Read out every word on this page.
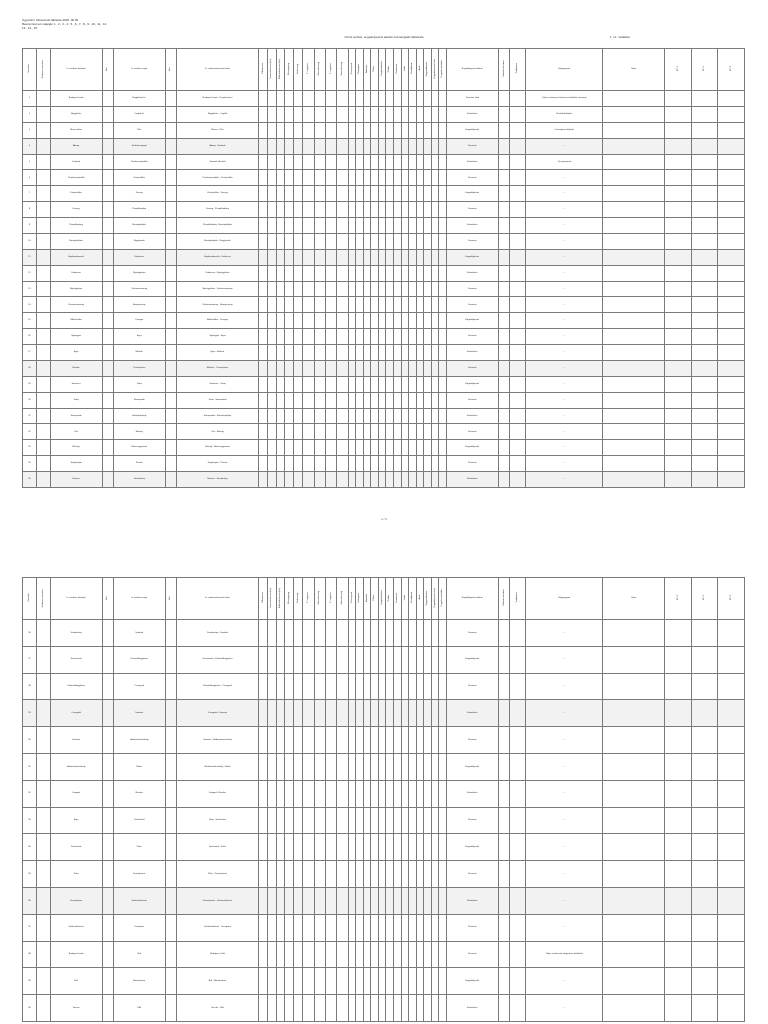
Ügyszám: Módosított táblázat 2025. 06.09.
Beszerzési terv alapján 1., 2., 3., 4., 5., 6., 7., 8., 9., 10., 11., 12.
13., 14., 15.
Közút területi, engedélyezési adatok összefoglaló táblázata	1. sz. melléklet
Sorszám	Szakasz sorszáma	Ív. szakasz kezdete	Kat.	Ív. szakasz vége	Kat.	Ív. szakasz/tervezett elem	Elhelyezés	Tervezett hossz (km)	Elkészült hossz (km)	Részegység	Szélesség	2. forgalom	Sávszélesség	3. forgalom	Sávszélesség	Csomópont	Kategória	Burkolat	Pálya	Tengelyterhelés	Padka	Szerkezet	Járda	Kerékpárút	Árok	Nagyrobbanás	Engedélyezési fázis	Forgalomtechnika	Engedélyezési dátum	Kivitelezési ütem	Tulajdonos	Megjegyzés	Ütem	MT-1	MT-2	MT-3
1		Budapest határ		Nagykőrös kt.		Budapest határ - Dunaharaszti																							Tervezés alatt			Teljes szakaszon kétsávos kialakítás tervezett				
2		Nagykőrös		Cegléd kt.		Nagykőrös - Cegléd																							Kivitelezés			Burkolatfelújítás				
3		Monor kelet		Pilis		Monor - Pilis																							Engedélyezés			Csomópont átépítés				
4		Abony		Szolnok nyugat		Abony - Szolnok																							Tervezés			—				
5		Szolnok		Törökszentmiklós		Szolnok elkerülő																							Kivitelezés			Új nyomvonal				
6		Törökszentmiklós		Kisújszállás		Törökszentmiklós - Kisújszállás																							Tervezés			—				
7		Kisújszállás		Karcag		Kisújszállás - Karcag																							Engedélyezés			—				
8		Karcag		Püspökladány		Karcag - Püspökladány																							Tervezés			—				
9		Püspökladány		Berettyóújfalu		Püspökladány - Berettyóújfalu																							Kivitelezés			—				
10		Berettyóújfalu		Nagykereki		Berettyóújfalu - Nagykereki																							Tervezés			—				
11		Hajdúszoboszló		Debrecen		Hajdúszoboszló - Debrecen																							Engedélyezés			—				
12		Debrecen		Nyíregyháza		Debrecen - Nyíregyháza																							Kivitelezés			—				
13		Nyíregyháza		Vásárosnamény		Nyíregyháza - Vásárosnamény																							Tervezés			—				
14		Vásárosnamény		Beregsurány		Vásárosnamény - Beregsurány																							Tervezés			—				
15		Mátészalka		Csenger		Mátészalka - Csenger																							Engedélyezés			—				
16		Gyöngyös		Eger		Gyöngyös - Eger																							Tervezés			—				
17		Eger		Miskolc		Eger - Miskolc																							Kivitelezés			—				
18		Miskolc		Tiszaújváros		Miskolc - Tiszaújváros																							Tervezés			—				
19		Szerencs		Tokaj		Szerencs - Tokaj																							Engedélyezés			—				
20		Tokaj		Sárospatak		Tokaj - Sárospatak																							Tervezés			—				
21		Sárospatak		Sátoraljaújhely		Sárospatak - Sátoraljaújhely																							Kivitelezés			—				
22		Vác		Rétság		Vác - Rétság																							Tervezés			—				
23		Rétság		Balassagyarmat		Rétság - Balassagyarmat																							Engedélyezés			—				
24		Salgótarján		Pásztó		Salgótarján - Pásztó																							Tervezés			—				
25		Hatvan		Jászberény		Hatvan - Jászberény																							Kivitelezés			—				
1 / 2
Sorszám	Szakasz sorszáma	Ív. szakasz kezdete	Kat.	Ív. szakasz vége	Kat.	Ív. szakasz/tervezett elem	Elhelyezés	Tervezett hossz (km)	Elkészült hossz (km)	Részegység	Szélesség	2. forgalom	Sávszélesség	3. forgalom	Sávszélesség	Csomópont	Kategória	Burkolat	Pálya	Tengelyterhelés	Padka	Szerkezet	Járda	Kerékpárút	Árok	Nagyrobbanás	Engedélyezési fázis	Forgalomtechnika	Engedélyezési dátum	Kivitelezési ütem	Tulajdonos	Megjegyzés	Ütem	MT-1	MT-2	MT-3
26		Jászberény		Szolnok		Jászberény - Szolnok																							Tervezés			—				
27		Kecskemét		Kiskunfélegyháza		Kecskemét - Kiskunfélegyháza																							Engedélyezés			—				
28		Kiskunfélegyháza		Csongrád		Kiskunfélegyháza - Csongrád																							Tervezés			—				
29		Csongrád		Szentes		Csongrád - Szentes																							Kivitelezés			—				
30		Szentes		Hódmezővásárhely		Szentes - Hódmezővásárhely																							Tervezés			—				
31		Hódmezővásárhely		Makó		Hódmezővásárhely - Makó																							Engedélyezés			—				
32		Szeged		Röszke		Szeged - Röszke																							Kivitelezés			—				
33		Baja		Szekszárd		Baja - Szekszárd																							Tervezés			—				
34		Szekszárd		Paks		Szekszárd - Paks																							Engedélyezés			—				
35		Paks		Dunaújváros		Paks - Dunaújváros																							Tervezés			—				
36		Dunaújváros		Székesfehérvár		Dunaújváros - Székesfehérvár																							Kivitelezés			—				
37		Székesfehérvár		Veszprém		Székesfehérvár - Veszprém																							Tervezés			—				
38		Budapest határ		Érd		Budapest - Érd																							Tervezés			Teljes szakaszon négysávos kialakítás				
39		Érd		Martonvásár		Érd - Martonvásár																							Engedélyezés			—				
40		Vecsés		Üllő		Vecsés - Üllő																							Kivitelezés			—				
